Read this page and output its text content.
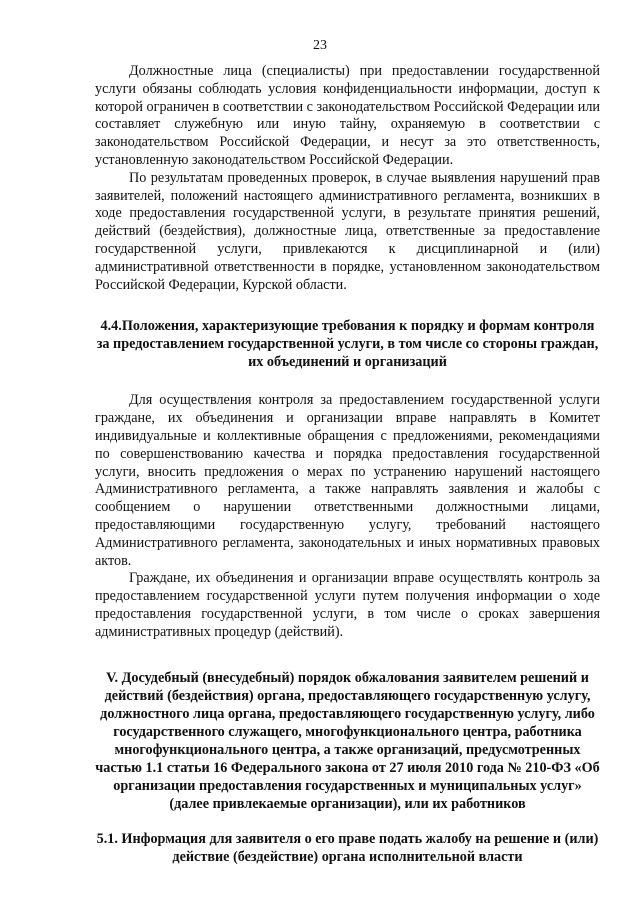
23

Должностные лица (специалисты) при предоставлении государственной услуги обязаны соблюдать условия конфиденциальности информации, доступ к которой ограничен в соответствии с законодательством Российской Федерации или составляет служебную или иную тайну, охраняемую в соответствии с законодательством Российской Федерации, и несут за это ответственность, установленную законодательством Российской Федерации.

По результатам проведенных проверок, в случае выявления нарушений прав заявителей, положений настоящего административного регламента, возникших в ходе предоставления государственной услуги, в результате принятия решений, действий (бездействия), должностные лица, ответственные за предоставление государственной услуги, привлекаются к дисциплинарной и (или) административной ответственности в порядке, установленном законодательством Российской Федерации, Курской области.

4.4.Положения, характеризующие требования к порядку и формам контроля за предоставлением государственной услуги, в том числе со стороны граждан, их объединений и организаций

Для осуществления контроля за предоставлением государственной услуги граждане, их объединения и организации вправе направлять в Комитет индивидуальные и коллективные обращения с предложениями, рекомендациями по совершенствованию качества и порядка предоставления государственной услуги, вносить предложения о мерах по устранению нарушений настоящего Административного регламента, а также направлять заявления и жалобы с сообщением о нарушении ответственными должностными лицами, предоставляющими государственную услугу, требований настоящего Административного регламента, законодательных и иных нормативных правовых актов.

Граждане, их объединения и организации вправе осуществлять контроль за предоставлением государственной услуги путем получения информации о ходе предоставления государственной услуги, в том числе о сроках завершения административных процедур (действий).

V. Досудебный (внесудебный) порядок обжалования заявителем решений и действий (бездействия) органа, предоставляющего государственную услугу, должностного лица органа, предоставляющего государственную услугу, либо государственного служащего, многофункционального центра, работника многофункционального центра, а также организаций, предусмотренных частью 1.1 статьи 16 Федерального закона от 27 июля 2010 года № 210-ФЗ «Об организации предоставления государственных и муниципальных услуг» (далее привлекаемые организации), или их работников

5.1. Информация для заявителя о его праве подать жалобу на решение и (или) действие (бездействие) органа исполнительной власти
